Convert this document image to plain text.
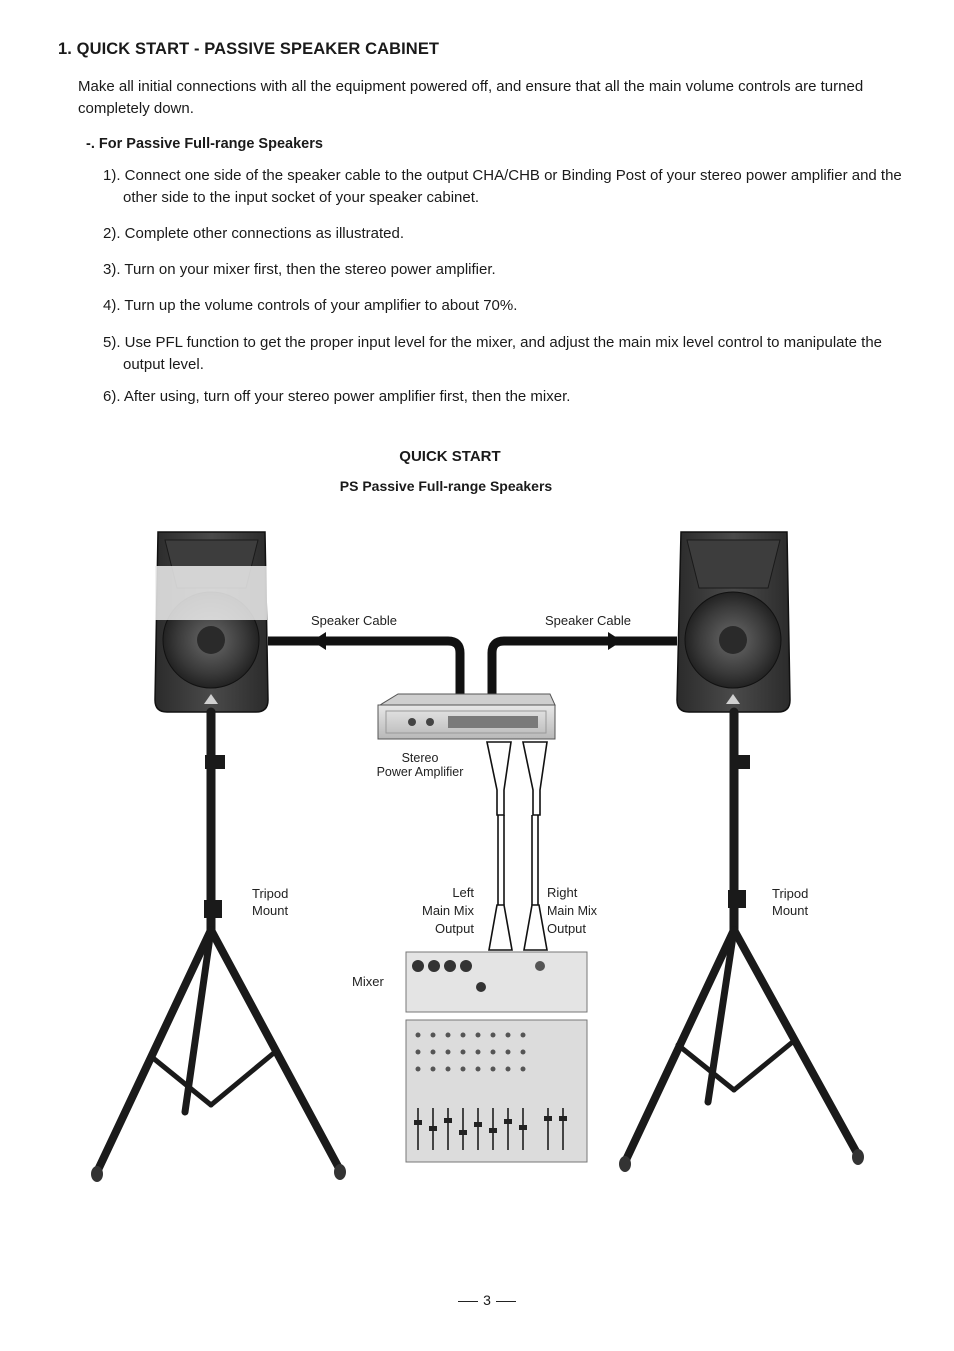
1. QUICK START - PASSIVE SPEAKER CABINET

Make all initial connections with all the equipment powered off, and ensure that all the main volume controls are turned completely down.

-. For Passive Full-range Speakers

1). Connect one side of the speaker cable to the output CHA/CHB or Binding Post of your stereo power amplifier and the other side to the input socket of your speaker cabinet.
2). Complete other connections as illustrated.
3). Turn on your mixer first, then the stereo power amplifier.
4). Turn up the volume controls of your amplifier to about 70%.
5). Use PFL function to get the proper input level for the mixer, and adjust the main mix level control to manipulate the output level.
6). After using, turn off your stereo power amplifier first, then the mixer.

QUICK START

PS Passive Full-range Speakers

Speaker Cable	Speaker Cable
Stereo
Power Amplifier
Left
Main Mix
Output
Right
Main Mix
Output
Tripod
Mount
Tripod
Mount
Mixer
3
